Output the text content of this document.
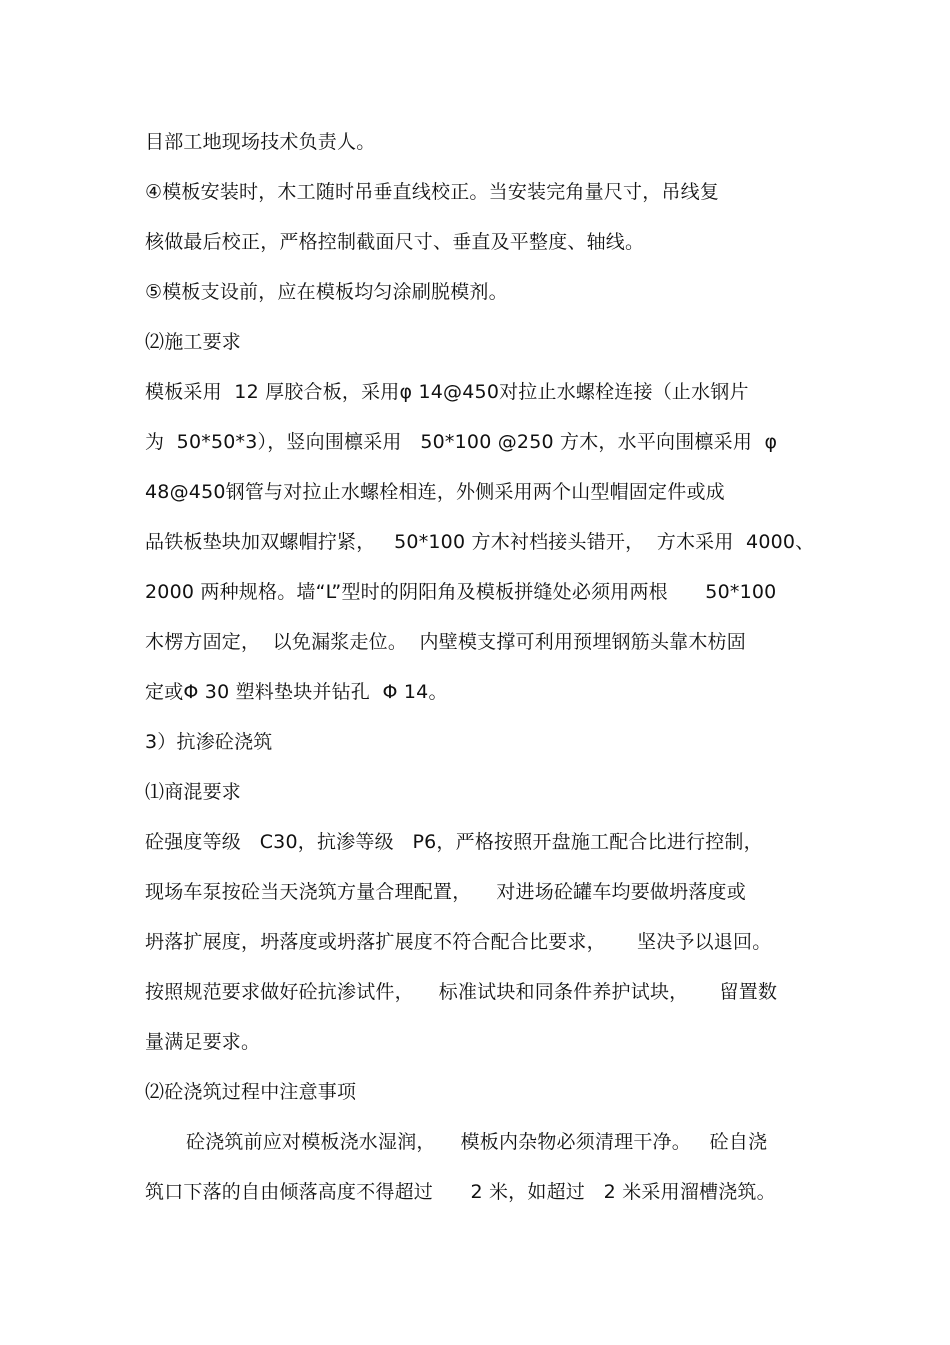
目部工地现场技术负责人。
④模板安装时，木工随时吊垂直线校正。当安装完角量尺寸，吊线复
核做最后校正，严格控制截面尺寸、垂直及平整度、轴线。
⑤模板支设前，应在模板均匀涂刷脱模剂。
⑵施工要求
模板采用  12 厚胶合板，采用φ 14@450对拉止水螺栓连接（止水钢片
为  50*50*3），竖向围檩采用   50*100 @250 方木，水平向围檩采用  φ
48@450钢管与对拉止水螺栓相连，外侧采用两个山型帽固定件或成
品铁板垫块加双螺帽拧紧，   50*100 方木衬档接头错开，  方木采用  4000、
2000 两种规格。墙“L”型时的阴阳角及模板拼缝处必须用两根      50*100
木楞方固定，  以免漏浆走位。  内壁模支撑可利用预埋钢筋头靠木枋固
定或Φ 30 塑料垫块并钻孔  Φ 14。
3）抗渗砼浇筑
⑴商混要求
砼强度等级   C30，抗渗等级   P6，严格按照开盘施工配合比进行控制，
现场车泵按砼当天浇筑方量合理配置，    对进场砼罐车均要做坍落度或
坍落扩展度，坍落度或坍落扩展度不符合配合比要求，     坚决予以退回。
按照规范要求做好砼抗渗试件，    标准试块和同条件养护试块，     留置数
量满足要求。
⑵砼浇筑过程中注意事项
砼浇筑前应对模板浇水湿润，    模板内杂物必须清理干净。   砼自浇
筑口下落的自由倾落高度不得超过      2 米，如超过   2 米采用溜槽浇筑。
